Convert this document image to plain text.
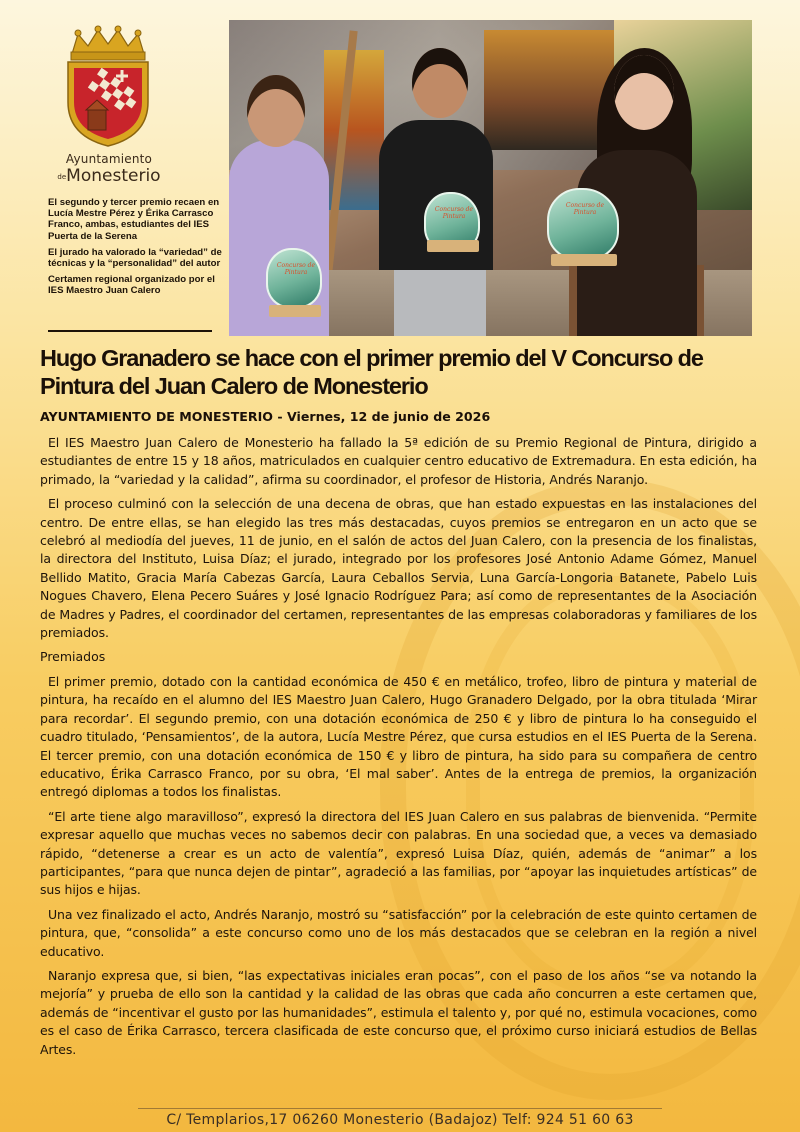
Ayuntamiento
deMonesterio

El segundo y tercer premio recaen en Lucía Mestre Pérez y Érika Carrasco Franco, ambas, estudiantes del IES Puerta de la Serena

El jurado ha valorado la “variedad” de técnicas y la “personalidad” del autor

Certamen regional organizado por el IES Maestro Juan Calero

Concurso de Pintura
Concurso de Pintura
Concurso de Pintura
Hugo Granadero se hace con el primer premio del V Concurso de Pintura del Juan Calero de Monesterio
AYUNTAMIENTO DE MONESTERIO - Viernes, 12 de junio de 2026

El IES Maestro Juan Calero de Monesterio ha fallado la 5ª edición de su Premio Regional de Pintura, dirigido a estudiantes de entre 15 y 18 años, matriculados en cualquier centro educativo de Extremadura. En esta edición, ha primado, la “variedad y la calidad”, afirma su coordinador, el profesor de Historia, Andrés Naranjo.

El proceso culminó con la selección de una decena de obras, que han estado expuestas en las instalaciones del centro. De entre ellas, se han elegido las tres más destacadas, cuyos premios se entregaron en un acto que se celebró al mediodía del jueves, 11 de junio, en el salón de actos del Juan Calero, con la presencia de los finalistas, la directora del Instituto, Luisa Díaz; el jurado, integrado por los profesores José Antonio Adame Gómez, Manuel Bellido Matito, Gracia María Cabezas García, Laura Ceballos Servia, Luna García-Longoria Batanete, Pabelo Luis Nogues Chavero, Elena Pecero Suáres y José Ignacio Rodríguez Para; así como de representantes de la Asociación de Madres y Padres, el coordinador del certamen, representantes de las empresas colaboradoras y familiares de los premiados.

Premiados

El primer premio, dotado con la cantidad económica de 450 € en metálico, trofeo, libro de pintura y material de pintura, ha recaído en el alumno del IES Maestro Juan Calero, Hugo Granadero Delgado, por la obra titulada ‘Mirar para recordar’. El segundo premio, con una dotación económica de 250 € y libro de pintura lo ha conseguido el cuadro titulado, ‘Pensamientos’, de la autora, Lucía Mestre Pérez, que cursa estudios en el IES Puerta de la Serena. El tercer premio, con una dotación económica de 150 € y libro de pintura, ha sido para su compañera de centro educativo, Érika Carrasco Franco, por su obra, ‘El mal saber’. Antes de la entrega de premios, la organización entregó diplomas a todos los finalistas.

“El arte tiene algo maravilloso”, expresó la directora del IES Juan Calero en sus palabras de bienvenida. “Permite expresar aquello que muchas veces no sabemos decir con palabras. En una sociedad que, a veces va demasiado rápido, “detenerse a crear es un acto de valentía”, expresó Luisa Díaz, quién, además de “animar” a los participantes, “para que nunca dejen de pintar”, agradeció a las familias, por “apoyar las inquietudes artísticas” de sus hijos e hijas.

Una vez finalizado el acto, Andrés Naranjo, mostró su “satisfacción” por la celebración de este quinto certamen de pintura, que, “consolida” a este concurso como uno de los más destacados que se celebran en la región a nivel educativo.

Naranjo expresa que, si bien, “las expectativas iniciales eran pocas”, con el paso de los años “se va notando la mejoría” y prueba de ello son la cantidad y la calidad de las obras que cada año concurren a este certamen que, además de “incentivar el gusto por las humanidades”, estimula el talento y, por qué no, estimula vocaciones, como es el caso de Érika Carrasco, tercera clasificada de este concurso que, el próximo curso iniciará estudios de Bellas Artes.

C/ Templarios,17 06260 Monesterio (Badajoz) Telf: 924 51 60 63
